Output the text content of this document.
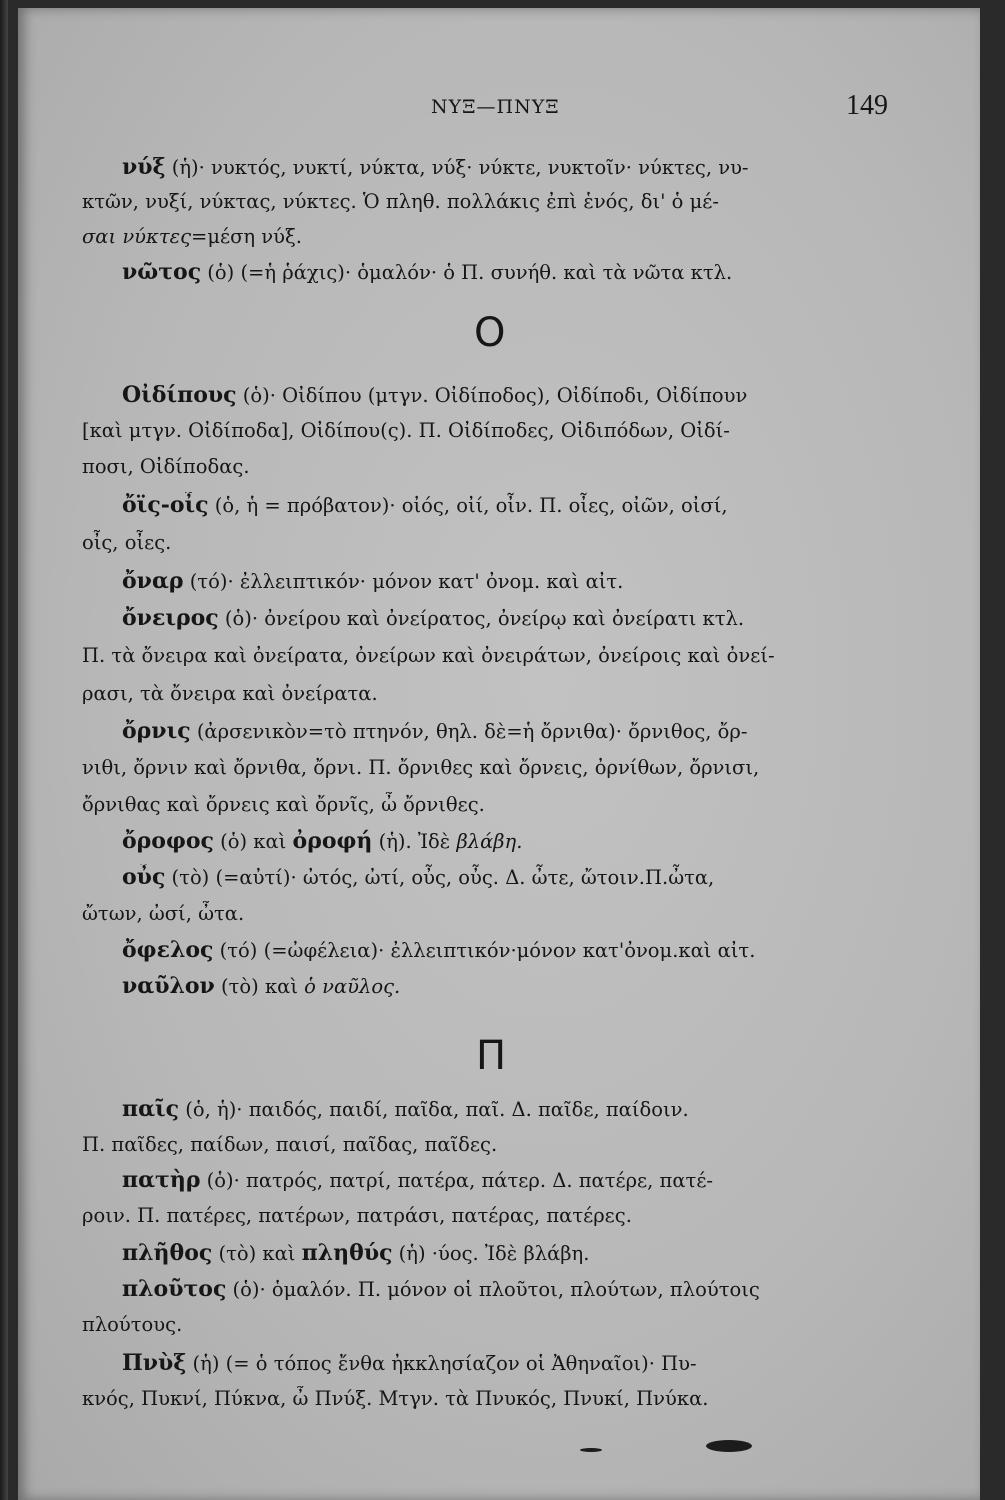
ΝΥΞ—ΠΝΥΞ	149
νύξ (ἡ)· νυκτός, νυκτί, νύκτα, νύξ· νύκτε, νυκτοῖν· νύκτες, νυ-
κτῶν, νυξί, νύκτας, νύκτες. Ὁ πληθ. πολλάκις ἐπὶ ἑνός, δι' ὁ μέ-
σαι νύκτες=μέση νύξ.
νῶτος (ὁ) (=ἡ ῥάχις)· ὁμαλόν· ὁ Π. συνήθ. καὶ τὰ νῶτα κτλ.
O
Οἰδίπους (ὁ)· Οἰδίπου (μτγν. Οἰδίποδος), Οἰδίποδι, Οἰδίπουν
[καὶ μτγν. Οἰδίποδα], Οἰδίπου(ς). Π. Οἰδίποδες, Οἰδιπόδων, Οἰδί-
ποσι, Οἰδίποδας.
ὄϊς-οἶς (ὁ, ἡ = πρόβατον)· οἰός, οἰί, οἶν. Π. οἶες, οἰῶν, οἰσί,
οἶς, οἶες.
ὄναρ (τό)· ἐλλειπτικόν· μόνον κατ' ὀνομ. καὶ αἰτ.
ὄνειρος (ὁ)· ὀνείρου καὶ ὀνείρατος, ὀνείρῳ καὶ ὀνείρατι κτλ.
Π. τὰ ὄνειρα καὶ ὀνείρατα, ὀνείρων καὶ ὀνειράτων, ὀνείροις καὶ ὀνεί-
ρασι, τὰ ὄνειρα καὶ ὀνείρατα.
ὄρνις (ἀρσενικὸν=τὸ πτηνόν, θηλ. δὲ=ἡ ὄρνιθα)· ὄρνιθος, ὄρ-
νιθι, ὄρνιν καὶ ὄρνιθα, ὄρνι. Π. ὄρνιθες καὶ ὄρνεις, ὀρνίθων, ὄρνισι,
ὄρνιθας καὶ ὄρνεις καὶ ὄρνῖς, ὦ ὄρνιθες.
ὄροφος (ὁ) καὶ ὀροφή (ἡ). Ἰδὲ βλάβη.
οὖς (τὸ) (=αὐτί)· ὠτός, ὠτί, οὖς, οὖς. Δ. ὦτε, ὤτοιν.Π.ὦτα,
ὤτων, ὠσί, ὦτα.
ὄφελος (τό) (=ὠφέλεια)· ἐλλειπτικόν·μόνον κατ'ὀνομ.καὶ αἰτ.
ναῦλον (τὸ) καὶ ὁ ναῦλος.
Π
παῖς (ὁ, ἡ)· παιδός, παιδί, παῖδα, παῖ. Δ. παῖδε, παίδοιν.
Π. παῖδες, παίδων, παισί, παῖδας, παῖδες.
πατὴρ (ὁ)· πατρός, πατρί, πατέρα, πάτερ. Δ. πατέρε, πατέ-
ροιν. Π. πατέρες, πατέρων, πατράσι, πατέρας, πατέρες.
πλῆθος (τὸ) καὶ πληθύς (ἡ) ·ύος. Ἰδὲ βλάβη.
πλοῦτος (ὁ)· ὁμαλόν. Π. μόνον οἱ πλοῦτοι, πλούτων, πλούτοις
πλούτους.
Πνὺξ (ἡ) (= ὁ τόπος ἔνθα ἠκκλησίαζον οἱ Ἀθηναῖοι)· Πυ-
κνός, Πυκνί, Πύκνα, ὦ Πνύξ. Μτγν. τὰ Πνυκός, Πνυκί, Πνύκα.
